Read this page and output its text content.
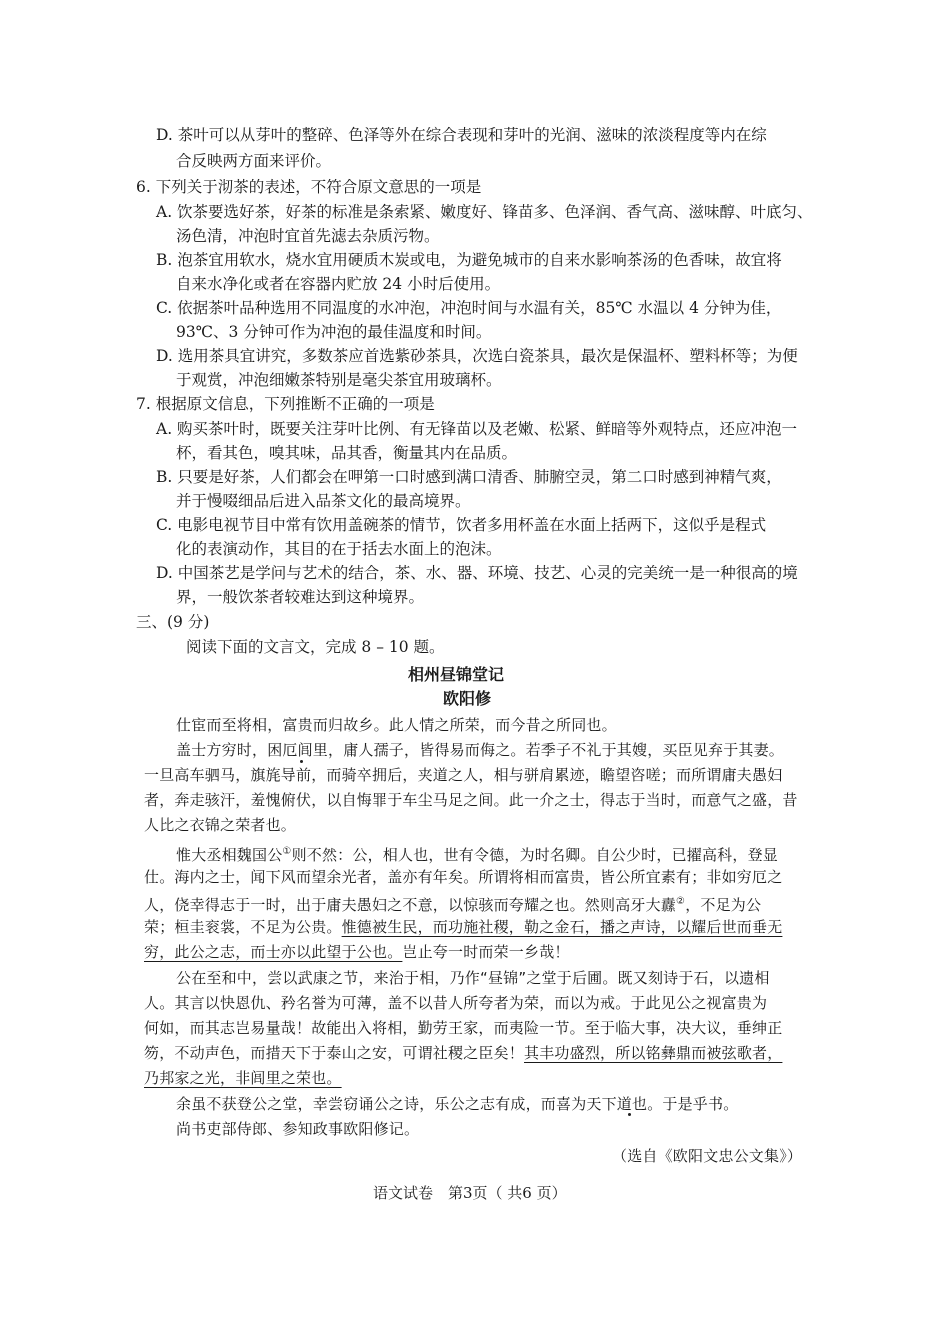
D. 茶叶可以从芽叶的整碎、色泽等外在综合表现和芽叶的光润、滋味的浓淡程度等内在综
合反映两方面来评价。
6. 下列关于沏茶的表述，不符合原文意思的一项是
A. 饮茶要选好茶，好茶的标准是条索紧、嫩度好、锋苗多、色泽润、香气高、滋味醇、叶底匀、
汤色清，冲泡时宜首先滤去杂质污物。
B. 泡茶宜用软水，烧水宜用硬质木炭或电，为避免城市的自来水影响茶汤的色香味，故宜将
自来水净化或者在容器内贮放 24 小时后使用。
C. 依据茶叶品种选用不同温度的水冲泡，冲泡时间与水温有关，85℃ 水温以 4 分钟为佳，
93℃、3 分钟可作为冲泡的最佳温度和时间。
D. 选用茶具宜讲究，多数茶应首选紫砂茶具，次选白瓷茶具，最次是保温杯、塑料杯等；为便
于观赏，冲泡细嫩茶特别是毫尖茶宜用玻璃杯。
7. 根据原文信息，下列推断不正确的一项是
A. 购买茶叶时，既要关注芽叶比例、有无锋苗以及老嫩、松紧、鲜暗等外观特点，还应冲泡一
杯，看其色，嗅其味，品其香，衡量其内在品质。
B. 只要是好茶，人们都会在呷第一口时感到满口清香、肺腑空灵，第二口时感到神精气爽，
并于慢啜细品后进入品茶文化的最高境界。
C. 电影电视节目中常有饮用盖碗茶的情节，饮者多用杯盖在水面上括两下，这似乎是程式
化的表演动作，其目的在于括去水面上的泡沫。
D. 中国茶艺是学问与艺术的结合，茶、水、器、环境、技艺、心灵的完美统一是一种很高的境
界，一般饮茶者较难达到这种境界。
三、(9 分)
阅读下面的文言文，完成 8 – 10 题。
相州昼锦堂记
欧阳修
仕宦而至将相，富贵而归故乡。此人情之所荣，而今昔之所同也。
盖士方穷时，困厄闾里，庸人孺子，皆得易而侮之。若季子不礼于其嫂，买臣见弃于其妻。
一旦高车驷马，旗旄导前，而骑卒拥后，夹道之人，相与骈肩累迹，瞻望咨嗟；而所谓庸夫愚妇
者，奔走骇汗，羞愧俯伏，以自悔罪于车尘马足之间。此一介之士，得志于当时，而意气之盛，昔
人比之衣锦之荣者也。
惟大丞相魏国公①则不然：公，相人也，世有令德，为时名卿。自公少时，已擢高科，登显
仕。海内之士，闻下风而望余光者，盖亦有年矣。所谓将相而富贵，皆公所宜素有；非如穷厄之
人，侥幸得志于一时，出于庸夫愚妇之不意，以惊骇而夸耀之也。然则高牙大纛②，不足为公
荣；桓圭衮裳，不足为公贵。惟德被生民，而功施社稷，勒之金石，播之声诗，以耀后世而垂无
穷，此公之志，而士亦以此望于公也。岂止夸一时而荣一乡哉！
公在至和中，尝以武康之节，来治于相，乃作“昼锦”之堂于后圃。既又刻诗于石，以遗相
人。其言以快恩仇、矜名誉为可薄，盖不以昔人所夸者为荣，而以为戒。于此见公之视富贵为
何如，而其志岂易量哉！故能出入将相，勤劳王家，而夷险一节。至于临大事，决大议，垂绅正
笏，不动声色，而措天下于泰山之安，可谓社稷之臣矣！其丰功盛烈，所以铭彝鼎而被弦歌者，
乃邦家之光，非闾里之荣也。
余虽不获登公之堂，幸尝窃诵公之诗，乐公之志有成，而喜为天下道也。于是乎书。
尚书吏部侍郎、参知政事欧阳修记。
（选自《欧阳文忠公文集》）
语文试卷　第3页（ 共6 页）
